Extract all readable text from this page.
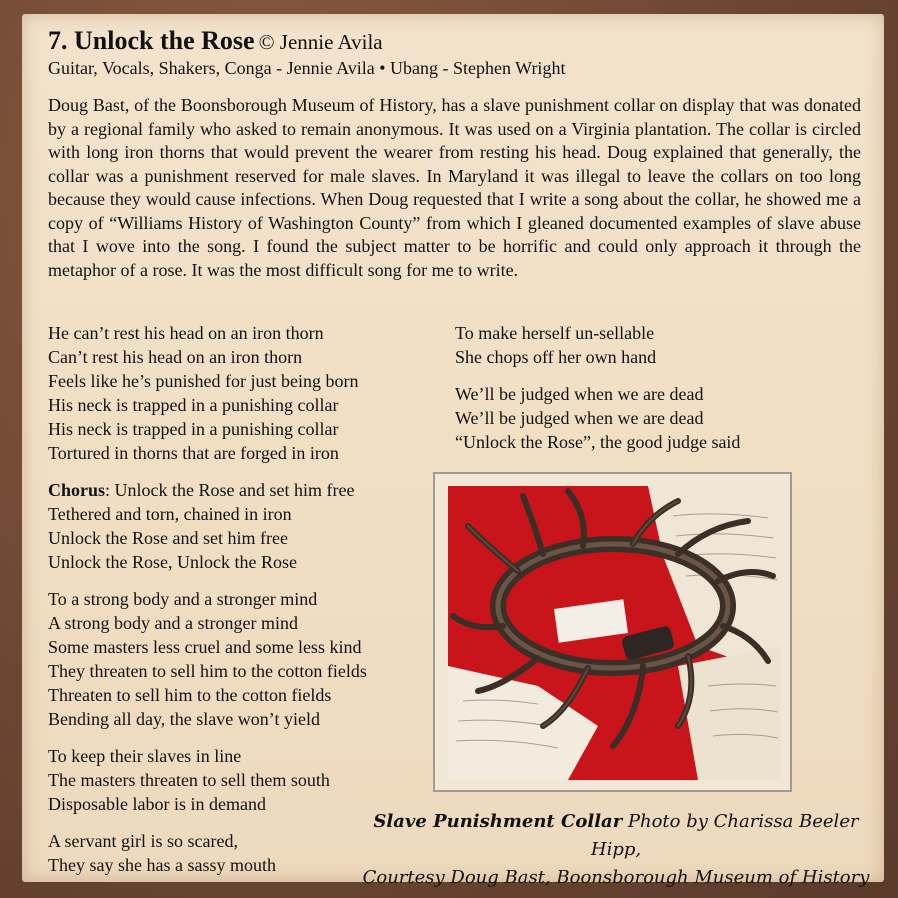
7. Unlock the Rose © Jennie Avila
Guitar, Vocals, Shakers, Conga - Jennie Avila • Ubang - Stephen Wright

Doug Bast, of the Boonsborough Museum of History, has a slave punishment collar on display that was donated by a regional family who asked to remain anonymous. It was used on a Virginia plantation. The collar is circled with long iron thorns that would prevent the wearer from resting his head. Doug explained that generally, the collar was a punishment reserved for male slaves. In Maryland it was illegal to leave the collars on too long because they would cause infections. When Doug requested that I write a song about the collar, he showed me a copy of “Williams History of Washington County” from which I gleaned documented examples of slave abuse that I wove into the song. I found the subject matter to be horrific and could only approach it through the metaphor of a rose. It was the most difficult song for me to write.

He can’t rest his head on an iron thorn
Can’t rest his head on an iron thorn
Feels like he’s punished for just being born
His neck is trapped in a punishing collar
His neck is trapped in a punishing collar
Tortured in thorns that are forged in iron
Chorus: Unlock the Rose and set him free
Tethered and torn, chained in iron
Unlock the Rose and set him free
Unlock the Rose, Unlock the Rose
To a strong body and a stronger mind
A strong body and a stronger mind
Some masters less cruel and some less kind
They threaten to sell him to the cotton fields
Threaten to sell him to the cotton fields
Bending all day, the slave won’t yield
To keep their slaves in line
The masters threaten to sell them south
Disposable labor is in demand
A servant girl is so scared,
They say she has a sassy mouth
To make herself un-sellable
She chops off her own hand
We’ll be judged when we are dead
We’ll be judged when we are dead
“Unlock the Rose”, the good judge said
Slave Punishment Collar Photo by Charissa Beeler Hipp,
Courtesy Doug Bast, Boonsborough Museum of History
